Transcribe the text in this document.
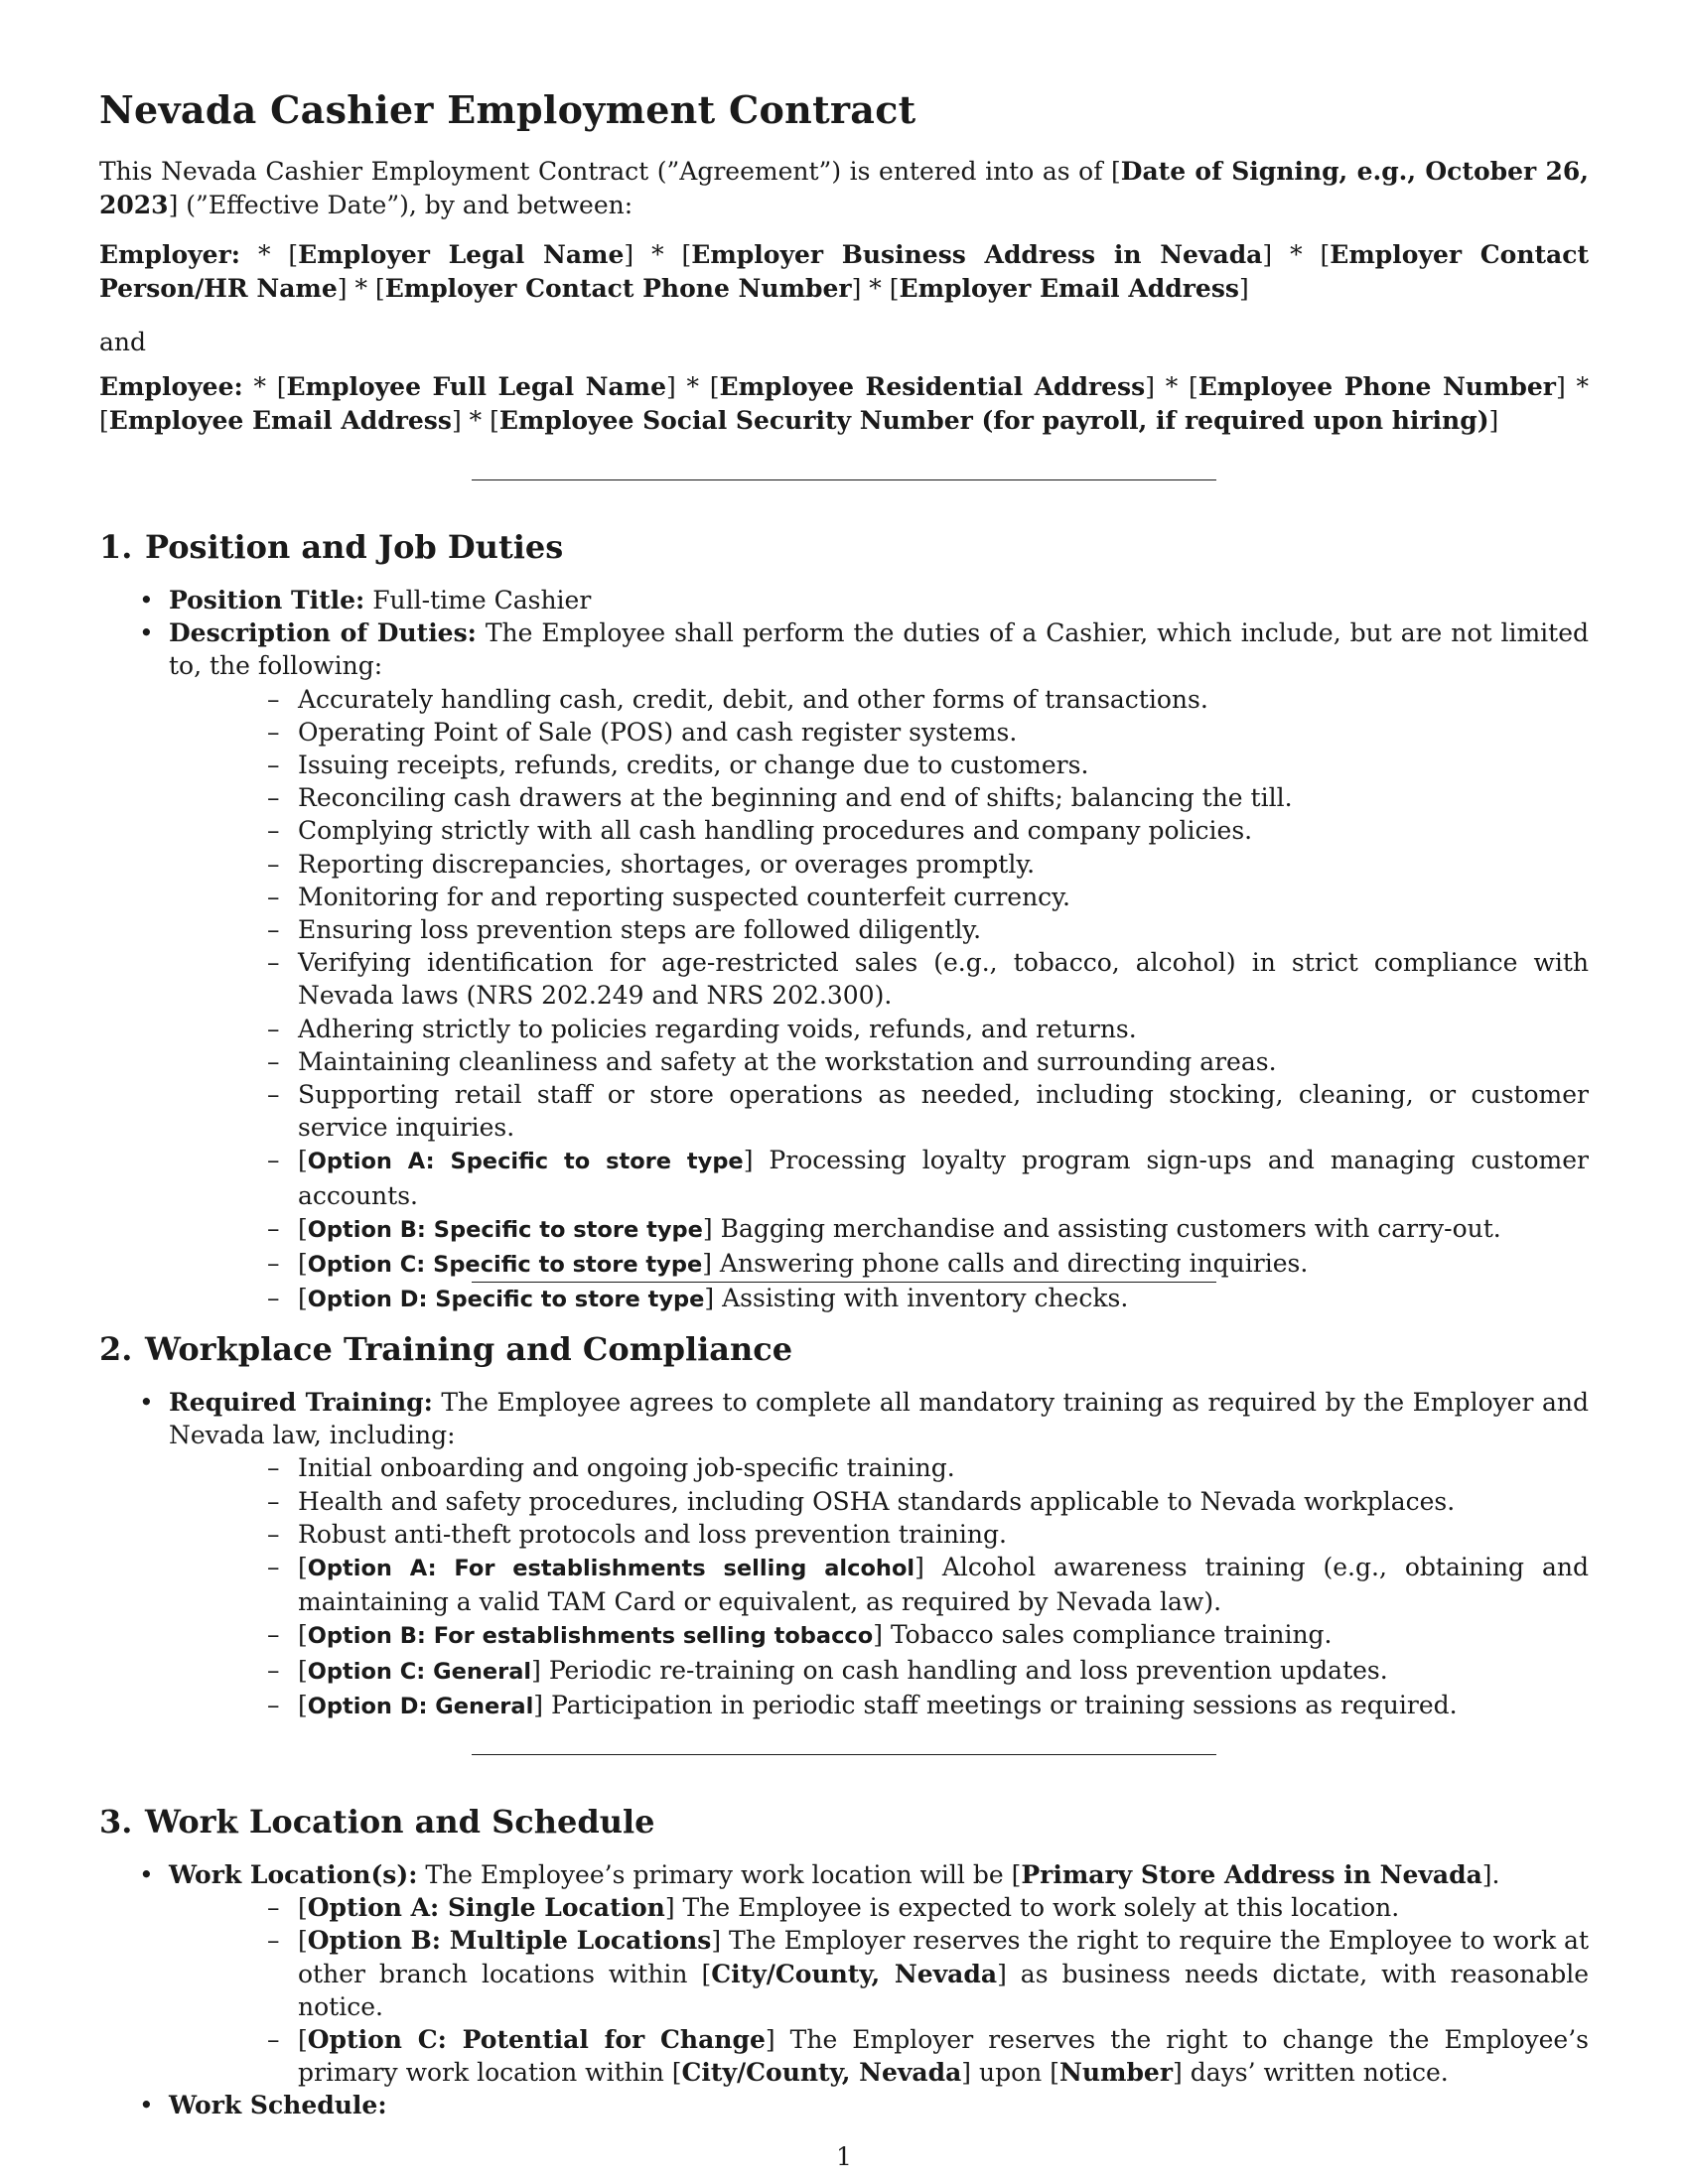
Nevada Cashier Employment Contract

This Nevada Cashier Employment Contract (”Agreement”) is entered into as of [Date of Signing, e.g., October 26, 2023] (”Effective Date”), by and between:

Employer: * [Employer Legal Name] * [Employer Business Address in Nevada] * [Employer Contact Person/HR Name] * [Employer Contact Phone Number] * [Employer Email Address]

and

Employee: * [Employee Full Legal Name] * [Employee Residential Address] * [Employee Phone Number] * [Employee Email Address] * [Employee Social Security Number (for payroll, if required upon hiring)]

1. Position and Job Duties
• Position Title: Full-time Cashier
• Description of Duties: The Employee shall perform the duties of a Cashier, which include, but are not limited to, the following:
– Accurately handling cash, credit, debit, and other forms of transactions.
– Operating Point of Sale (POS) and cash register systems.
– Issuing receipts, refunds, credits, or change due to customers.
– Reconciling cash drawers at the beginning and end of shifts; balancing the till.
– Complying strictly with all cash handling procedures and company policies.
– Reporting discrepancies, shortages, or overages promptly.
– Monitoring for and reporting suspected counterfeit currency.
– Ensuring loss prevention steps are followed diligently.
– Verifying identification for age-restricted sales (e.g., tobacco, alcohol) in strict compliance with Nevada laws (NRS 202.249 and NRS 202.300).
– Adhering strictly to policies regarding voids, refunds, and returns.
– Maintaining cleanliness and safety at the workstation and surrounding areas.
– Supporting retail staff or store operations as needed, including stocking, cleaning, or customer service inquiries.
– [Option A: Specific to store type] Processing loyalty program sign-ups and managing customer accounts.
– [Option B: Specific to store type] Bagging merchandise and assisting customers with carry-out.
– [Option C: Specific to store type] Answering phone calls and directing inquiries.
– [Option D: Specific to store type] Assisting with inventory checks.
2. Workplace Training and Compliance
• Required Training: The Employee agrees to complete all mandatory training as required by the Employer and Nevada law, including:
– Initial onboarding and ongoing job-specific training.
– Health and safety procedures, including OSHA standards applicable to Nevada workplaces.
– Robust anti-theft protocols and loss prevention training.
– [Option A: For establishments selling alcohol] Alcohol awareness training (e.g., obtaining and maintaining a valid TAM Card or equivalent, as required by Nevada law).
– [Option B: For establishments selling tobacco] Tobacco sales compliance training.
– [Option C: General] Periodic re-training on cash handling and loss prevention updates.
– [Option D: General] Participation in periodic staff meetings or training sessions as required.
3. Work Location and Schedule
• Work Location(s): The Employee’s primary work location will be [Primary Store Address in Nevada].
– [Option A: Single Location] The Employee is expected to work solely at this location.
– [Option B: Multiple Locations] The Employer reserves the right to require the Employee to work at other branch locations within [City/County, Nevada] as business needs dictate, with reasonable notice.
– [Option C: Potential for Change] The Employer reserves the right to change the Employee’s primary work location within [City/County, Nevada] upon [Number] days’ written notice.
• Work Schedule:

1
